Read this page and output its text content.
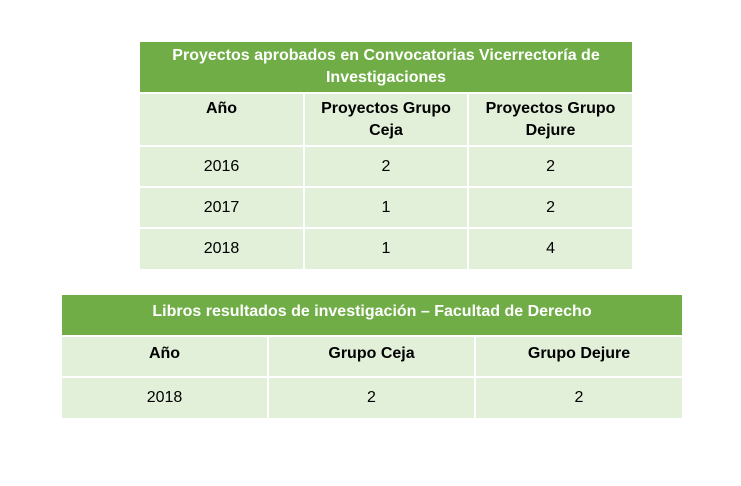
Proyectos aprobados en Convocatorias Vicerrectoría de Investigaciones		
Año	Proyectos Grupo Ceja	Proyectos Grupo Dejure
2016	2	2
2017	1	2
2018	1	4
Libros resultados de investigación – Facultad de Derecho		
Año	Grupo Ceja	Grupo Dejure
2018	2	2
